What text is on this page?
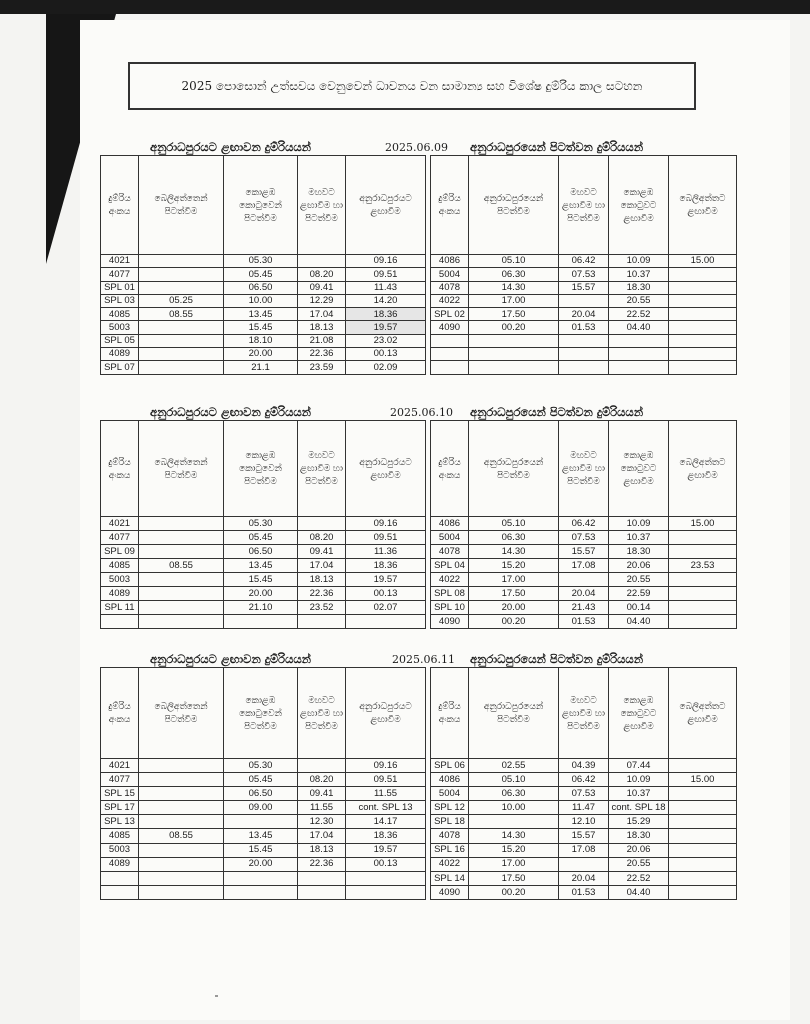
2025 පොසොන් උත්සවය වෙනුවෙන් ධාවනය වන සාමාන්‍ය සහ විශේෂ දුම්රිය කාල සටහන
අනුරාධපුරයට ළඟාවන දුම්රියයන්	2025.06.09 අනුරාධපුරයෙන් පිටත්වන දුම්රියයන්
දුම්රිය අංකය	බෙලිඅත්තෙන් පිටත්වීම	කොළඹ කොටුවෙන් පිටත්වීම	මහවට ළඟාවීම හා පිටත්වීම	අනුරාධපුරයට ළඟාවීම
4021		05.30		09.16
4077		05.45	08.20	09.51
SPL 01		06.50	09.41	11.43
SPL 03	05.25	10.00	12.29	14.20
4085	08.55	13.45	17.04	18.36
5003		15.45	18.13	19.57
SPL 05		18.10	21.08	23.02
4089		20.00	22.36	00.13
SPL 07		21.1	23.59	02.09
දුම්රිය අංකය	අනුරාධපුරයෙන් පිටත්වීම	මහවට ළඟාවීම හා පිටත්වීම	කොළඹ කොටුවට ළඟාවීම	බෙලිඅත්තට ළඟාවීම
4086	05.10	06.42	10.09	15.00
5004	06.30	07.53	10.37	
4078	14.30	15.57	18.30	
4022	17.00		20.55	
SPL 02	17.50	20.04	22.52	
4090	00.20	01.53	04.40	

අනුරාධපුරයට ළඟාවන දුම්රියයන්	2025.06.10 අනුරාධපුරයෙන් පිටත්වන දුම්රියයන්
දුම්රිය අංකය	බෙලිඅත්තෙන් පිටත්වීම	කොළඹ කොටුවෙන් පිටත්වීම	මහවට ළඟාවීම හා පිටත්වීම	අනුරාධපුරයට ළඟාවීම
4021		05.30		09.16
4077		05.45	08.20	09.51
SPL 09		06.50	09.41	11.36
4085	08.55	13.45	17.04	18.36
5003		15.45	18.13	19.57
4089		20.00	22.36	00.13
SPL 11		21.10	23.52	02.07

දුම්රිය අංකය	අනුරාධපුරයෙන් පිටත්වීම	මහවට ළඟාවීම හා පිටත්වීම	කොළඹ කොටුවට ළඟාවීම	බෙලිඅත්තට ළඟාවීම
4086	05.10	06.42	10.09	15.00
5004	06.30	07.53	10.37	
4078	14.30	15.57	18.30	
SPL 04	15.20	17.08	20.06	23.53
4022	17.00		20.55	
SPL 08	17.50	20.04	22.59	
SPL 10	20.00	21.43	00.14	
4090	00.20	01.53	04.40	
අනුරාධපුරයට ළඟාවන දුම්රියයන්	2025.06.11 අනුරාධපුරයෙන් පිටත්වන දුම්රියයන්
දුම්රිය අංකය	බෙලිඅත්තෙන් පිටත්වීම	කොළඹ කොටුවෙන් පිටත්වීම	මහවට ළඟාවීම හා පිටත්වීම	අනුරාධපුරයට ළඟාවීම
4021		05.30		09.16
4077		05.45	08.20	09.51
SPL 15		06.50	09.41	11.55
SPL 17		09.00	11.55	cont. SPL 13
SPL 13			12.30	14.17
4085	08.55	13.45	17.04	18.36
5003		15.45	18.13	19.57
4089		20.00	22.36	00.13

දුම්රිය අංකය	අනුරාධපුරයෙන් පිටත්වීම	මහවට ළඟාවීම හා පිටත්වීම	කොළඹ කොටුවට ළඟාවීම	බෙලිඅත්තට ළඟාවීම
SPL 06	02.55	04.39	07.44	
4086	05.10	06.42	10.09	15.00
5004	06.30	07.53	10.37	
SPL 12	10.00	11.47	cont. SPL 18	
SPL 18		12.10	15.29	
4078	14.30	15.57	18.30	
SPL 16	15.20	17.08	20.06	
4022	17.00		20.55	
SPL 14	17.50	20.04	22.52	
4090	00.20	01.53	04.40	
